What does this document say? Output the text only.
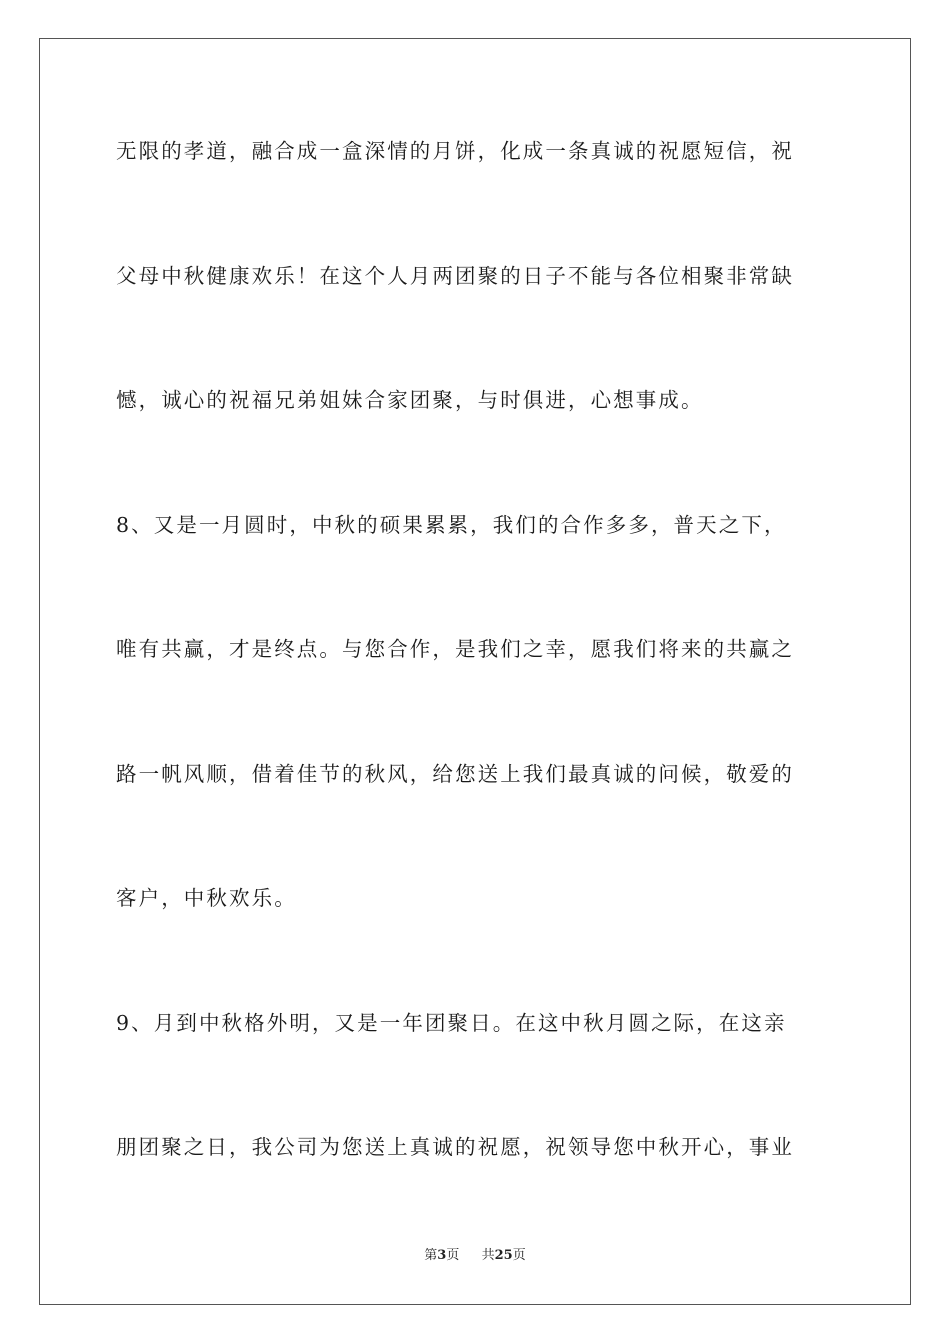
无限的孝道，融合成一盒深情的月饼，化成一条真诚的祝愿短信，祝
父母中秋健康欢乐！在这个人月两团聚的日子不能与各位相聚非常缺
憾，诚心的祝福兄弟姐妹合家团聚，与时俱进，心想事成。
8、又是一月圆时，中秋的硕果累累，我们的合作多多，普天之下，
唯有共赢，才是终点。与您合作，是我们之幸，愿我们将来的共赢之
路一帆风顺，借着佳节的秋风，给您送上我们最真诚的问候，敬爱的
客户，中秋欢乐。
9、月到中秋格外明，又是一年团聚日。在这中秋月圆之际，在这亲
朋团聚之日，我公司为您送上真诚的祝愿，祝领导您中秋开心，事业
第3页 共25页
